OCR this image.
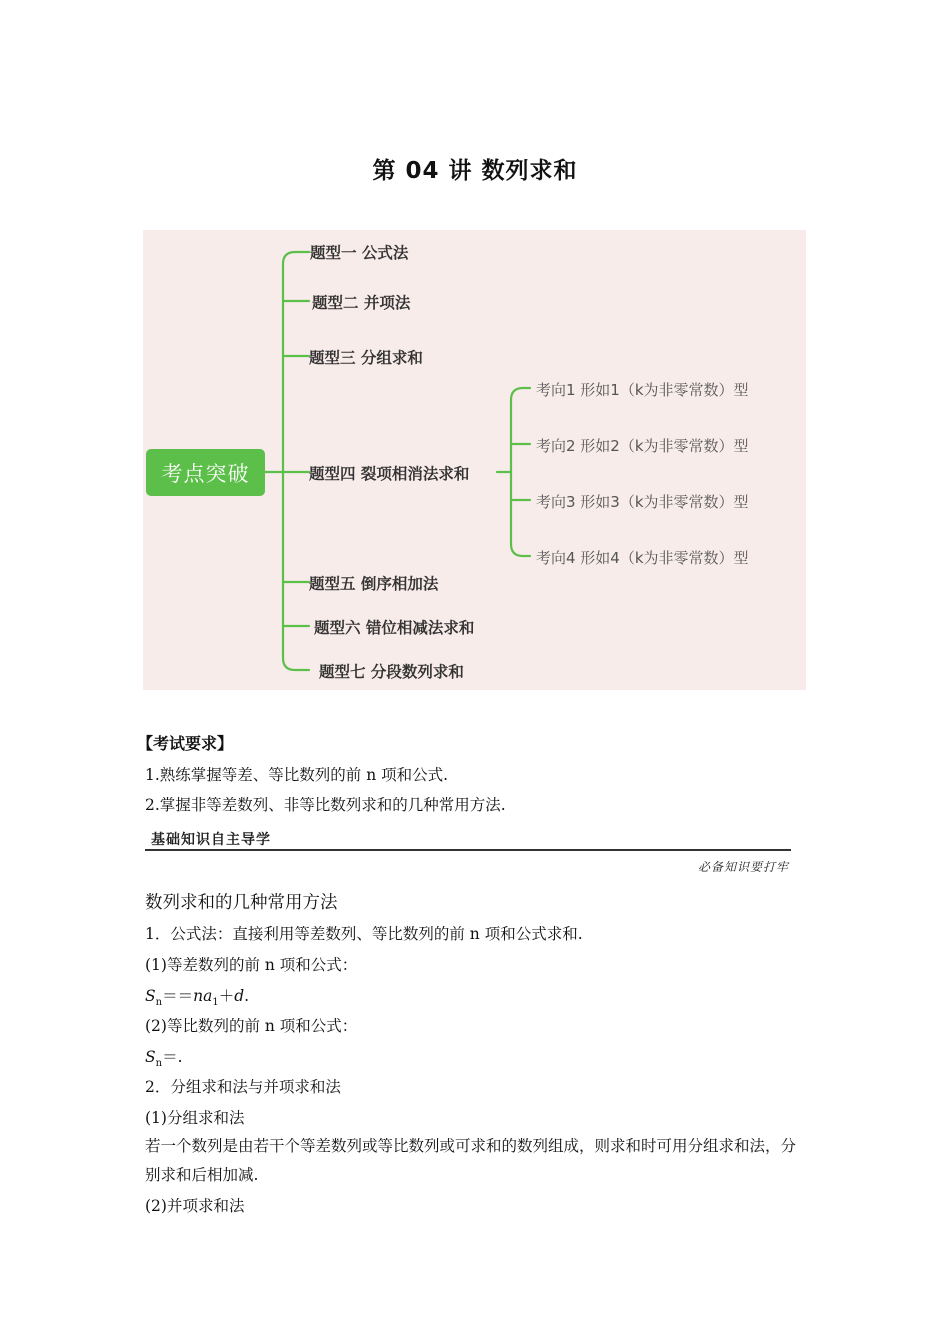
第 04 讲 数列求和
考点突破
题型一 公式法
题型二 并项法
题型三 分组求和
题型四 裂项相消法求和
题型五 倒序相加法
题型六 错位相减法求和
题型七 分段数列求和
考向1 形如1（k为非零常数）型
考向2 形如2（k为非零常数）型
考向3 形如3（k为非零常数）型
考向4 形如4（k为非零常数）型
【考试要求】
1.熟练掌握等差、等比数列的前 n 项和公式.
2.掌握非等差数列、非等比数列求和的几种常用方法.
基础知识自主导学
必备知识要打牢
数列求和的几种常用方法
1．公式法：直接利用等差数列、等比数列的前 n 项和公式求和.
(1)等差数列的前 n 项和公式：
$S_n==na_1+d$.
(2)等比数列的前 n 项和公式：
$S_n=$.
2．分组求和法与并项求和法
(1)分组求和法
若一个数列是由若干个等差数列或等比数列或可求和的数列组成，则求和时可用分组求和法，分别求和后相加减.
(2)并项求和法
